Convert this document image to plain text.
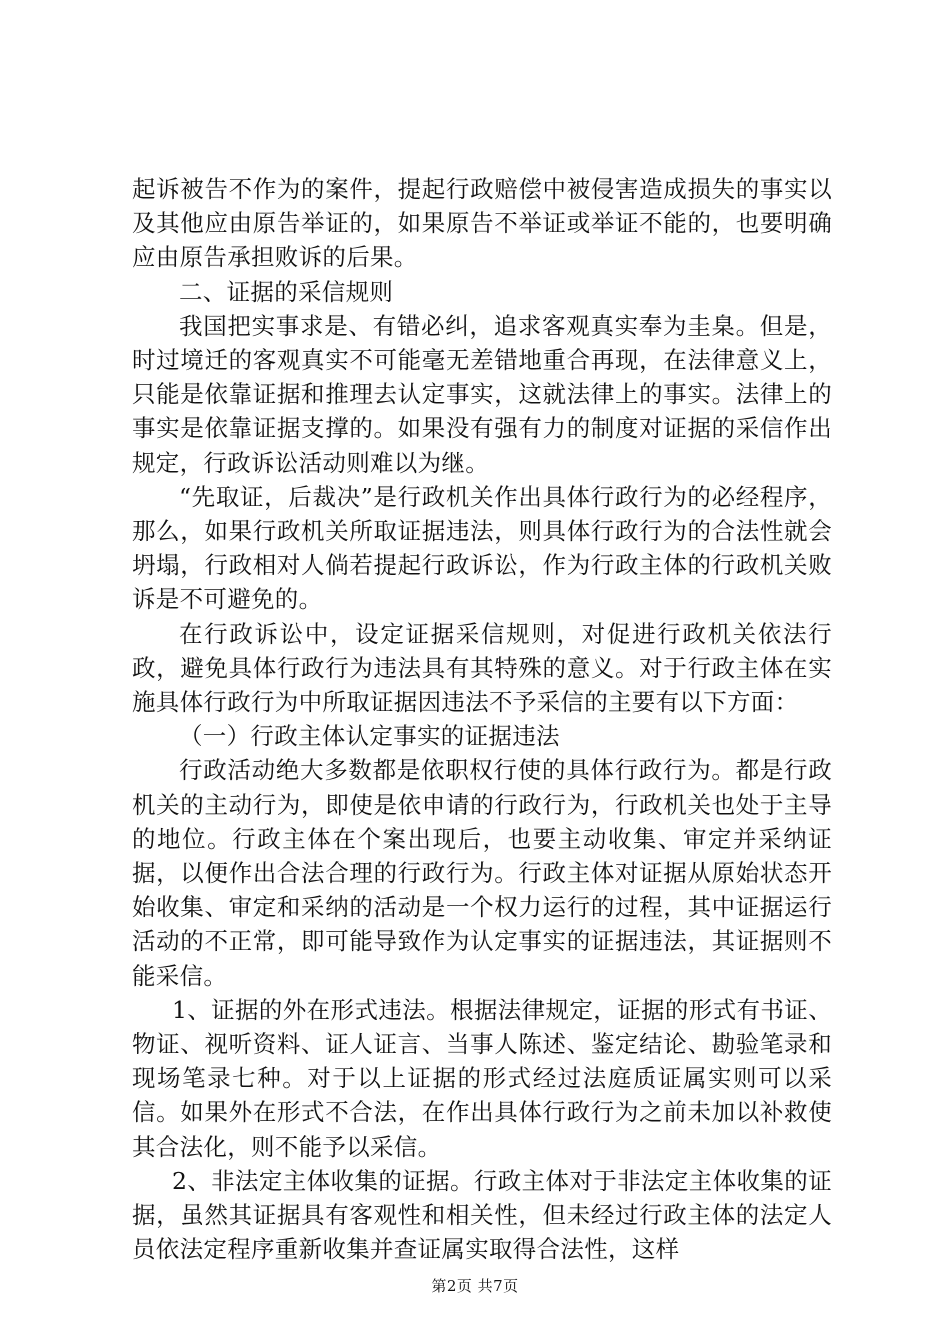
起诉被告不作为的案件，提起行政赔偿中被侵害造成损失的事实以及其他应由原告举证的，如果原告不举证或举证不能的，也要明确应由原告承担败诉的后果。

二、证据的采信规则

我国把实事求是、有错必纠，追求客观真实奉为圭臬。但是，时过境迁的客观真实不可能毫无差错地重合再现，在法律意义上，只能是依靠证据和推理去认定事实，这就法律上的事实。法律上的事实是依靠证据支撑的。如果没有强有力的制度对证据的采信作出规定，行政诉讼活动则难以为继。

“先取证，后裁决”是行政机关作出具体行政行为的必经程序，那么，如果行政机关所取证据违法，则具体行政行为的合法性就会坍塌，行政相对人倘若提起行政诉讼，作为行政主体的行政机关败诉是不可避免的。

在行政诉讼中，设定证据采信规则，对促进行政机关依法行政，避免具体行政行为违法具有其特殊的意义。对于行政主体在实施具体行政行为中所取证据因违法不予采信的主要有以下方面：

（一）行政主体认定事实的证据违法

行政活动绝大多数都是依职权行使的具体行政行为。都是行政机关的主动行为，即使是依申请的行政行为，行政机关也处于主导的地位。行政主体在个案出现后，也要主动收集、审定并采纳证据，以便作出合法合理的行政行为。行政主体对证据从原始状态开始收集、审定和采纳的活动是一个权力运行的过程，其中证据运行活动的不正常，即可能导致作为认定事实的证据违法，其证据则不能采信。

1、证据的外在形式违法。根据法律规定，证据的形式有书证、物证、视听资料、证人证言、当事人陈述、鉴定结论、勘验笔录和现场笔录七种。对于以上证据的形式经过法庭质证属实则可以采信。如果外在形式不合法，在作出具体行政行为之前未加以补救使其合法化，则不能予以采信。

2、非法定主体收集的证据。行政主体对于非法定主体收集的证据，虽然其证据具有客观性和相关性，但未经过行政主体的法定人员依法定程序重新收集并查证属实取得合法性，这样

第2页 共7页
